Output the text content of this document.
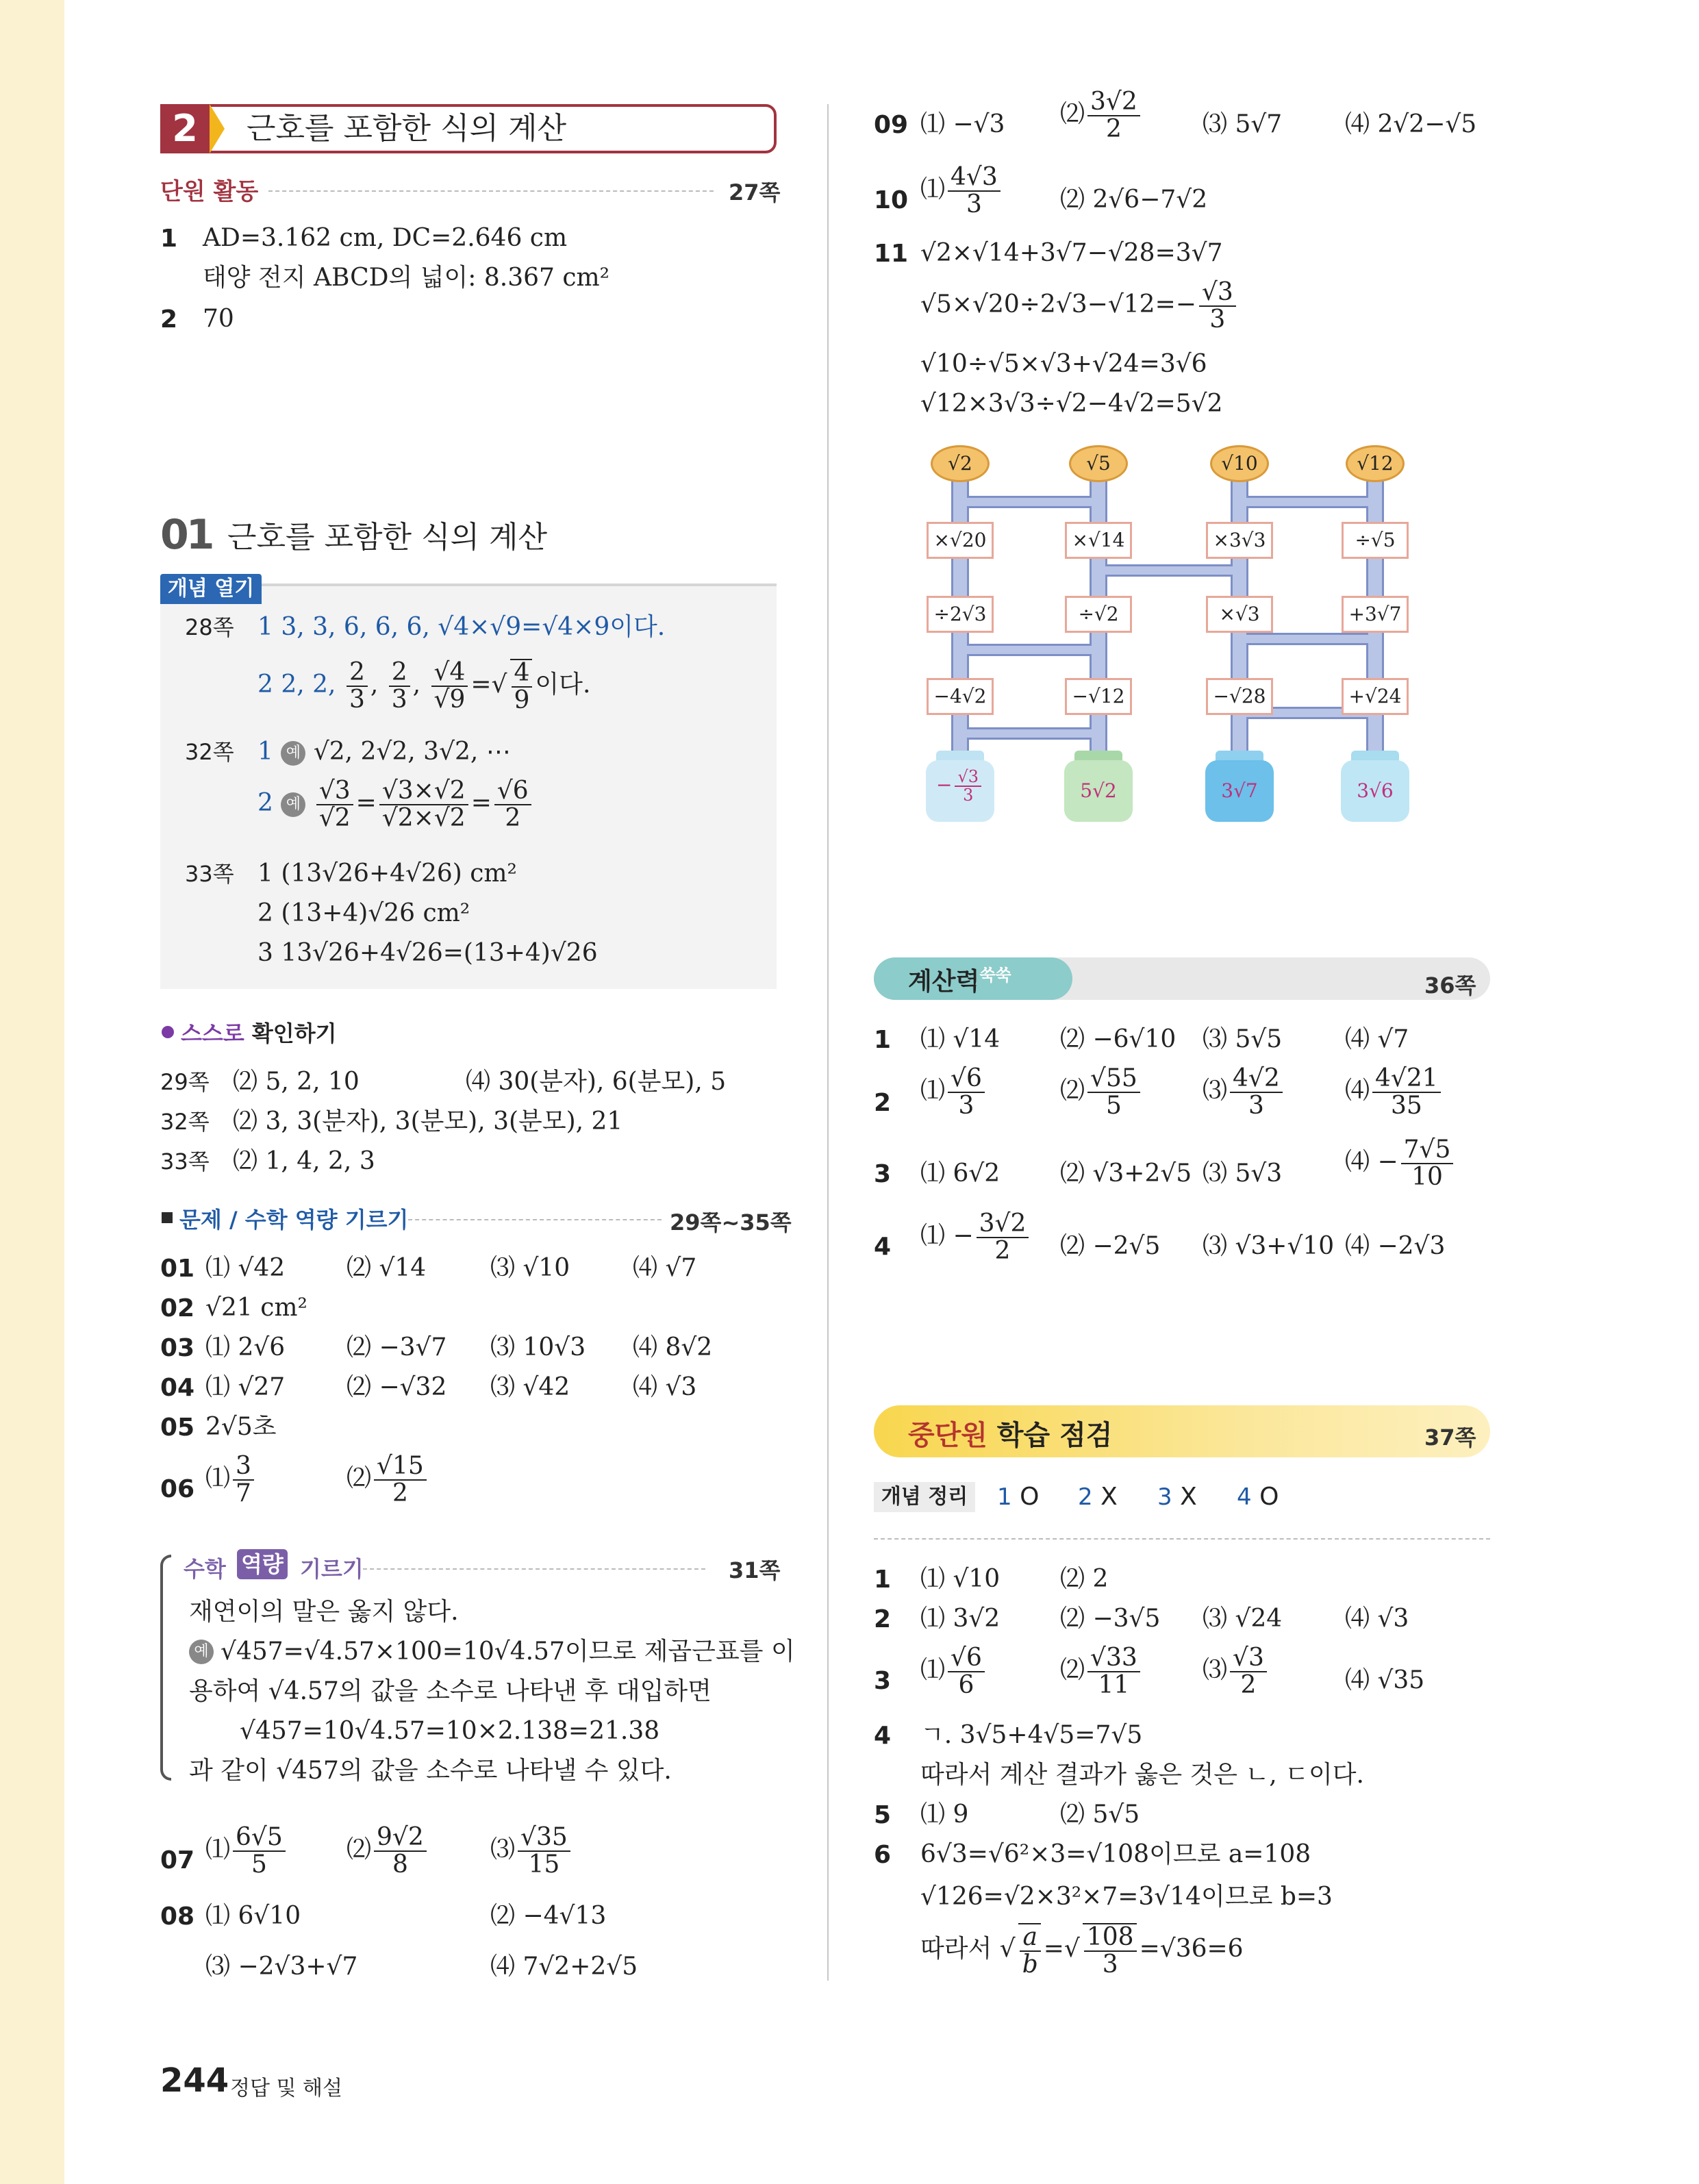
2	근호를 포함한 식의 계산
단원 활동	27쪽
1 AD=3.162 cm, DC=2.646 cm
태양 전지 ABCD의 넓이: 8.367 cm²
2 70
01 근호를 포함한 식의 계산
개념 열기
28쪽 1 3, 3, 6, 6, 6, √4×√9=√4×9이다.
2 2, 2, $\frac{2}{3}$ , $\frac{2}{3}$ , $\frac{√4}{√9}$ =√ $\frac{4}{9}$ 이다.
32쪽 1 예 √2, 2√2, 3√2, ⋯
2 예 $\frac{√3}{√2} = \frac{√3\times√2}{√2\times√2} = \frac{√6}{2}$
33쪽 1 (13√26+4√26) cm²
2 (13+4)√26 cm²
3 13√26+4√26=(13+4)√26
스스로 확인하기
29쪽 ⑵ 5, 2, 10	⑷ 30(분자), 6(분모), 5
32쪽 ⑵ 3, 3(분자), 3(분모), 3(분모), 21
33쪽 ⑵ 1, 4, 2, 3
문제 / 수학 역량 기르기	29쪽~35쪽
01 ⑴ √42 ⑵ √14	⑶ √10	⑷ √7
02 √21 cm²
03 ⑴ 2√6 ⑵ −3√7 ⑶ 10√3 ⑷ 8√2
04 ⑴ √27 ⑵ −√32 ⑶ √42	⑷ √3
05 2√5초
06 ⑴ $\frac{3}{7}$	⑵ $\frac{√15}{2}$
수학 역량 기르기	31쪽
재연이의 말은 옳지 않다.
예 √457=√4.57×100=10√4.57이므로 제곱근표를 이
용하여 √4.57의 값을 소수로 나타낸 후 대입하면
√457=10√4.57=10×2.138=21.38
과 같이 √457의 값을 소수로 나타낼 수 있다.
07 ⑴ $\frac{6√5}{5}$ ⑵ $\frac{9√2}{8}$	⑶ $\frac{√35}{15}$
08 ⑴ 6√10	⑵ −4√13
⑶ −2√3+√7	⑷ 7√2+2√5
09 ⑴ −√3 ⑵ $\frac{3√2}{2}$	⑶ 5√7	⑷ 2√2−√5
10 ⑴ $\frac{4√3}{3}$ ⑵ 2√6−7√2
11 √2×√14+3√7−√28=3√7
$√5\times√20\div 2√3-√12=- \frac{√3}{3}$
√10÷√5×√3+√24=3√6
√12×3√3÷√2−4√2=5√2
√2	√5	√10	√12
×√20	×√14	×3√3	÷√5
÷2√3	÷√2	×√3	+3√7
−4√2	−√12	−√28	+√24
− $\frac{√3}{3}$	5√2	3√7	3√6
계산력$^{쑥쑥}$	36쪽
1 ⑴ √14 ⑵ −6√10 ⑶ 5√5	⑷ √7
2 ⑴ $\frac{√6}{3}$	⑵ $\frac{√55}{5}$	⑶ $\frac{4√2}{3}$	⑷ $\frac{4√21}{35}$
3 ⑴ 6√2 ⑵ √3+2√5 ⑶ 5√3	⑷ − $\frac{7√5}{10}$
4 ⑴ − $\frac{3√2}{2}$ ⑵ −2√5 ⑶ √3+√10 ⑷ −2√3
중단원 학습 점검	37쪽
개념 정리	1 O 2 X 3 X 4 O
1 ⑴ √10 ⑵ 2
2 ⑴ 3√2 ⑵ −3√5 ⑶ √24	⑷ √3
3 ⑴ $\frac{√6}{6}$	⑵ $\frac{√33}{11}$	⑶ $\frac{√3}{2}$	⑷ √35
4 ㄱ. 3√5+4√5=7√5
따라서 계산 결과가 옳은 것은 ㄴ, ㄷ이다.
5 ⑴ 9	⑵ 5√5
6 6√3=√6²×3=√108이므로 a=108
√126=√2×3²×7=3√14이므로 b=3
따라서 √ $\frac{a}{b}$ =√ $\frac{108}{3} =√36=6$
244 정답 및 해설
